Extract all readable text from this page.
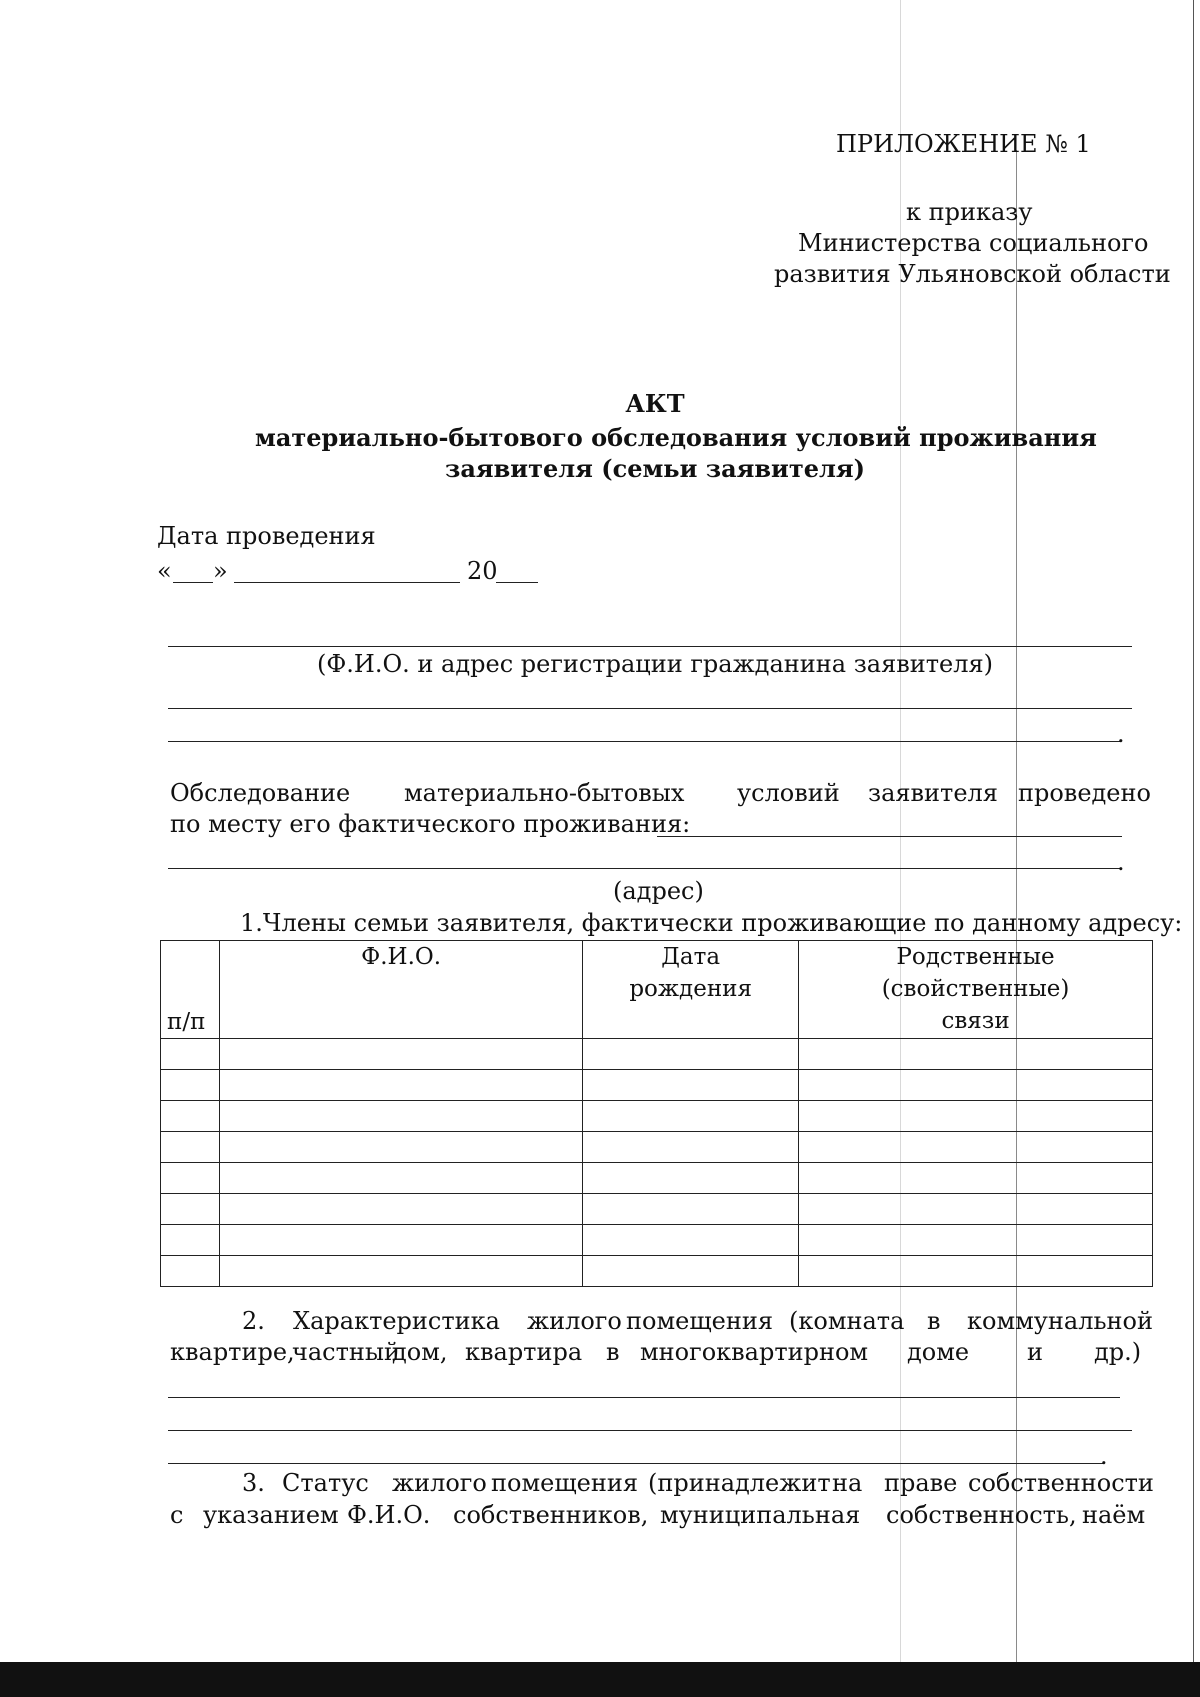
ПРИЛОЖЕНИЕ № 1
к приказу
Министерства социального
развития Ульяновской области
АКТ
материально-бытового обследования условий проживания
заявителя (семьи заявителя)
Дата проведения
« »	20
(Ф.И.О. и адрес регистрации гражданина заявителя)
.
Обследование материально-бытовых условий заявителя проведено
по месту его фактического проживания:
.
(адрес)
1.Члены семьи заявителя, фактически проживающие по данному адресу:
п/п	Ф.И.О.	Дата рождения	Родственные (свойственные) связи

2. Характеристика жилого помещения (комната в коммунальной
квартире,
частный
дом, квартира в многоквартирном доме и др.)
.
3. Статус жилого помещения (принадлежит на праве собственности
с указанием Ф.И.О. собственников, муниципальная собственность, наём
